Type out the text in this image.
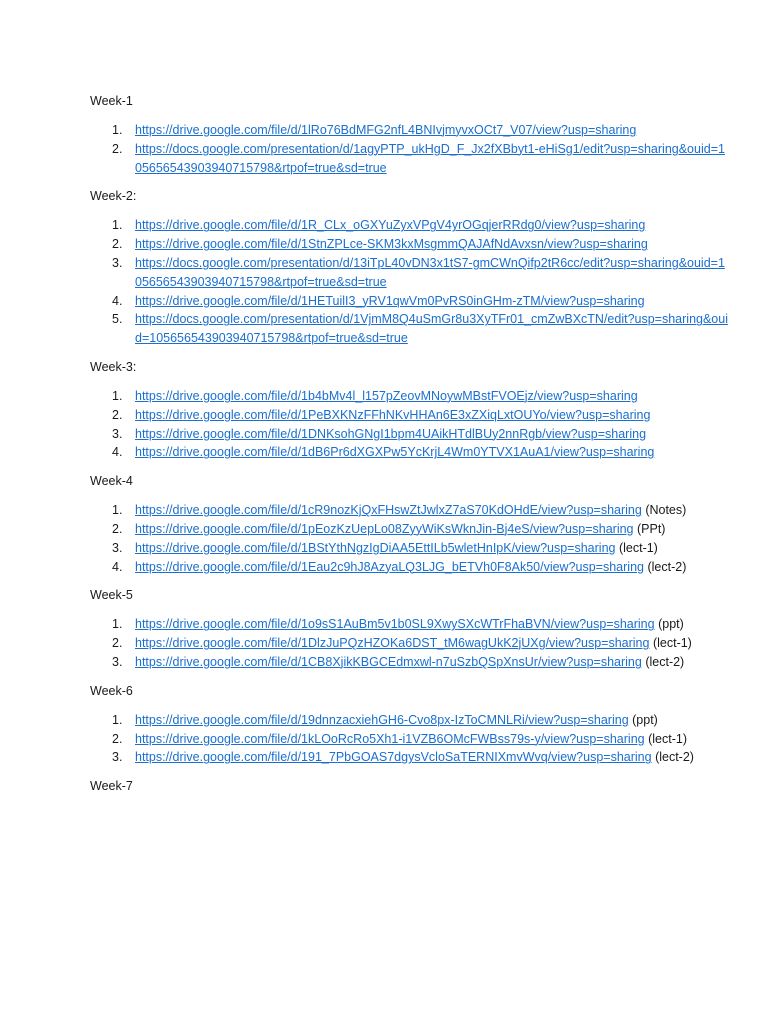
Week-1
1. https://drive.google.com/file/d/1lRo76BdMFG2nfL4BNIvjmyvxOCt7_V07/view?usp=sharing
2. https://docs.google.com/presentation/d/1agyPTP_ukHgD_F_Jx2fXBbyt1-eHiSg1/edit?usp=sharing&ouid=105656543903940715798&rtpof=true&sd=true
Week-2:
1. https://drive.google.com/file/d/1R_CLx_oGXYuZyxVPgV4yrOGqjerRRdg0/view?usp=sharing
2. https://drive.google.com/file/d/1StnZPLce-SKM3kxMsgmmQAJAfNdAvxsn/view?usp=sharing
3. https://docs.google.com/presentation/d/13iTpL40vDN3x1tS7-gmCWnQifp2tR6cc/edit?usp=sharing&ouid=105656543903940715798&rtpof=true&sd=true
4. https://drive.google.com/file/d/1HETuilI3_yRV1qwVm0PvRS0inGHm-zTM/view?usp=sharing
5. https://docs.google.com/presentation/d/1VjmM8Q4uSmGr8u3XyTFr01_cmZwBXcTN/edit?usp=sharing&ouid=105656543903940715798&rtpof=true&sd=true
Week-3:
1. https://drive.google.com/file/d/1b4bMv4l_l157pZeovMNoywMBstFVOEjz/view?usp=sharing
2. https://drive.google.com/file/d/1PeBXKNzFFhNKvHHAn6E3xZXiqLxtOUYo/view?usp=sharing
3. https://drive.google.com/file/d/1DNKsohGNgI1bpm4UAikHTdlBUy2nnRgb/view?usp=sharing
4. https://drive.google.com/file/d/1dB6Pr6dXGXPw5YcKrjL4Wm0YTVX1AuA1/view?usp=sharing
Week-4
1. https://drive.google.com/file/d/1cR9nozKjQxFHswZtJwlxZ7aS70KdOHdE/view?usp=sharing (Notes)
2. https://drive.google.com/file/d/1pEozKzUepLo08ZyyWiKsWknJin-Bj4eS/view?usp=sharing (PPt)
3. https://drive.google.com/file/d/1BStYthNgzIgDiAA5EttILb5wletHnIpK/view?usp=sharing (lect-1)
4. https://drive.google.com/file/d/1Eau2c9hJ8AzyaLQ3LJG_bETVh0F8Ak50/view?usp=sharing (lect-2)
Week-5
1. https://drive.google.com/file/d/1o9sS1AuBm5v1b0SL9XwySXcWTrFhaBVN/view?usp=sharing (ppt)
2. https://drive.google.com/file/d/1DlzJuPQzHZOKa6DST_tM6wagUkK2jUXg/view?usp=sharing (lect-1)
3. https://drive.google.com/file/d/1CB8XjikKBGCEdmxwl-n7uSzbQSpXnsUr/view?usp=sharing (lect-2)
Week-6
1. https://drive.google.com/file/d/19dnnzacxiehGH6-Cvo8px-IzToCMNLRi/view?usp=sharing (ppt)
2. https://drive.google.com/file/d/1kLOoRcRo5Xh1-i1VZB6OMcFWBss79s-y/view?usp=sharing (lect-1)
3. https://drive.google.com/file/d/191_7PbGOAS7dgysVcloSaTERNIXmvWvq/view?usp=sharing (lect-2)
Week-7
